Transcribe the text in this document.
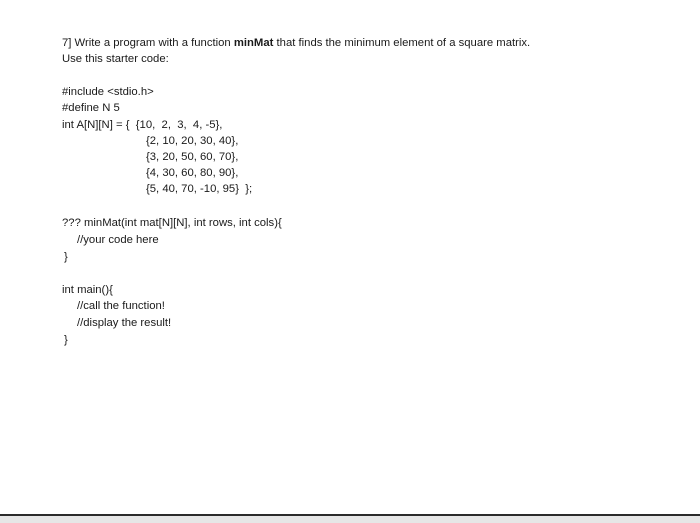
7] Write a program with a function minMat that finds the minimum element of a square matrix.
Use this starter code:
#include <stdio.h>
#define N 5
int A[N][N] = {  {10,  2,  3,  4, -5},
{2, 10, 20, 30, 40},
{3, 20, 50, 60, 70},
{4, 30, 60, 80, 90},
{5, 40, 70, -10, 95}  };
??? minMat(int mat[N][N], int rows, int cols){
//your code here
}
int main(){
//call the function!
//display the result!
}
